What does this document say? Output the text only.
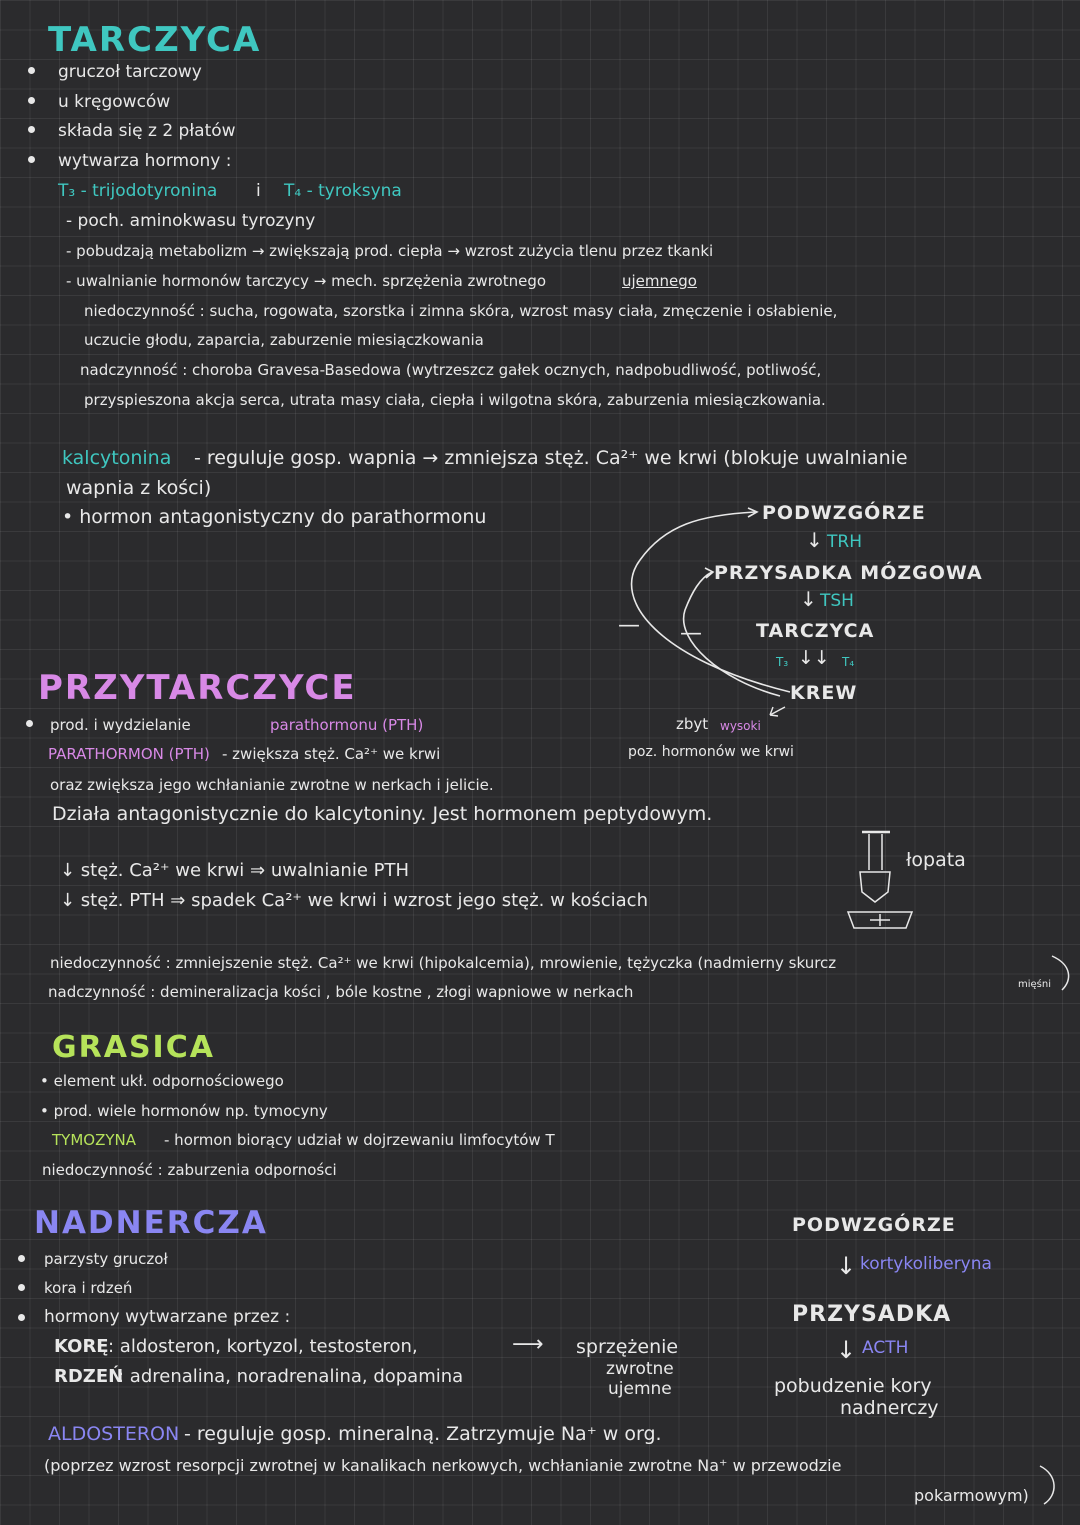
TARCZYCA
gruczoł tarczowy
u kręgowców
składa się z 2 płatów
wytwarza hormony :
T₃ - trijodotyronina i T₄ - tyroksyna
- poch. aminokwasu tyrozyny
- pobudzają metabolizm → zwiększają prod. ciepła → wzrost zużycia tlenu przez tkanki
- uwalnianie hormonów tarczycy → mech. sprzężenia zwrotnego	ujemnego
niedoczynność : sucha, rogowata, szorstka i zimna skóra, wzrost masy ciała, zmęczenie i osłabienie,
uczucie głodu, zaparcia, zaburzenie miesiączkowania
nadczynność : choroba Gravesa-Basedowa (wytrzeszcz gałek ocznych, nadpobudliwość, potliwość,
przyspieszona akcja serca, utrata masy ciała, ciepła i wilgotna skóra, zaburzenia miesiączkowania.
kalcytonina - reguluje gosp. wapnia → zmniejsza stęż. Ca²⁺ we krwi (blokuje uwalnianie
wapnia z kości)
• hormon antagonistyczny do parathormonu	PODWZGÓRZE
↓ TRH
PRZYSADKA MÓZGOWA
↓ TSH
TARCZYCA
T₃ ↓↓ T₄
KREW
— —
zbyt wysoki
poz. hormonów we krwi
PRZYTARCZYCE
prod. i wydzielanie	parathormonu (PTH)
PARATHORMON (PTH) - zwiększa stęż. Ca²⁺ we krwi
oraz zwiększa jego wchłanianie zwrotne w nerkach i jelicie.
Działa antagonistycznie do kalcytoniny. Jest hormonem peptydowym.
↓ stęż. Ca²⁺ we krwi ⇒ uwalnianie PTH
↓ stęż. PTH ⇒ spadek Ca²⁺ we krwi i wzrost jego stęż. w kościach
łopata
niedoczynność : zmniejszenie stęż. Ca²⁺ we krwi (hipokalcemia), mrowienie, tężyczka (nadmierny skurcz
mięśni
nadczynność : demineralizacja kości , bóle kostne , złogi wapniowe w nerkach
GRASICA
• element ukł. odpornościowego
• prod. wiele hormonów np. tymocyny
TYMOZYNA - hormon biorący udział w dojrzewaniu limfocytów T
niedoczynność : zaburzenia odporności
NADNERCZA
parzysty gruczoł
kora i rdzeń
hormony wytwarzane przez :
KORĘ : aldosteron, kortyzol, testosteron,
RDZEŃ
: adrenalina, noradrenalina, dopamina
⟶ sprzężenie
zwrotne
ujemne
ALDOSTERON - reguluje gosp. mineralną. Zatrzymuje Na⁺ w org.
(poprzez wzrost resorpcji zwrotnej w kanalikach nerkowych, wchłanianie zwrotne Na⁺ w przewodzie
pokarmowym)
PODWZGÓRZE
↓ kortykoliberyna
PRZYSADKA
↓ ACTH
pobudzenie kory
nadnerczy
